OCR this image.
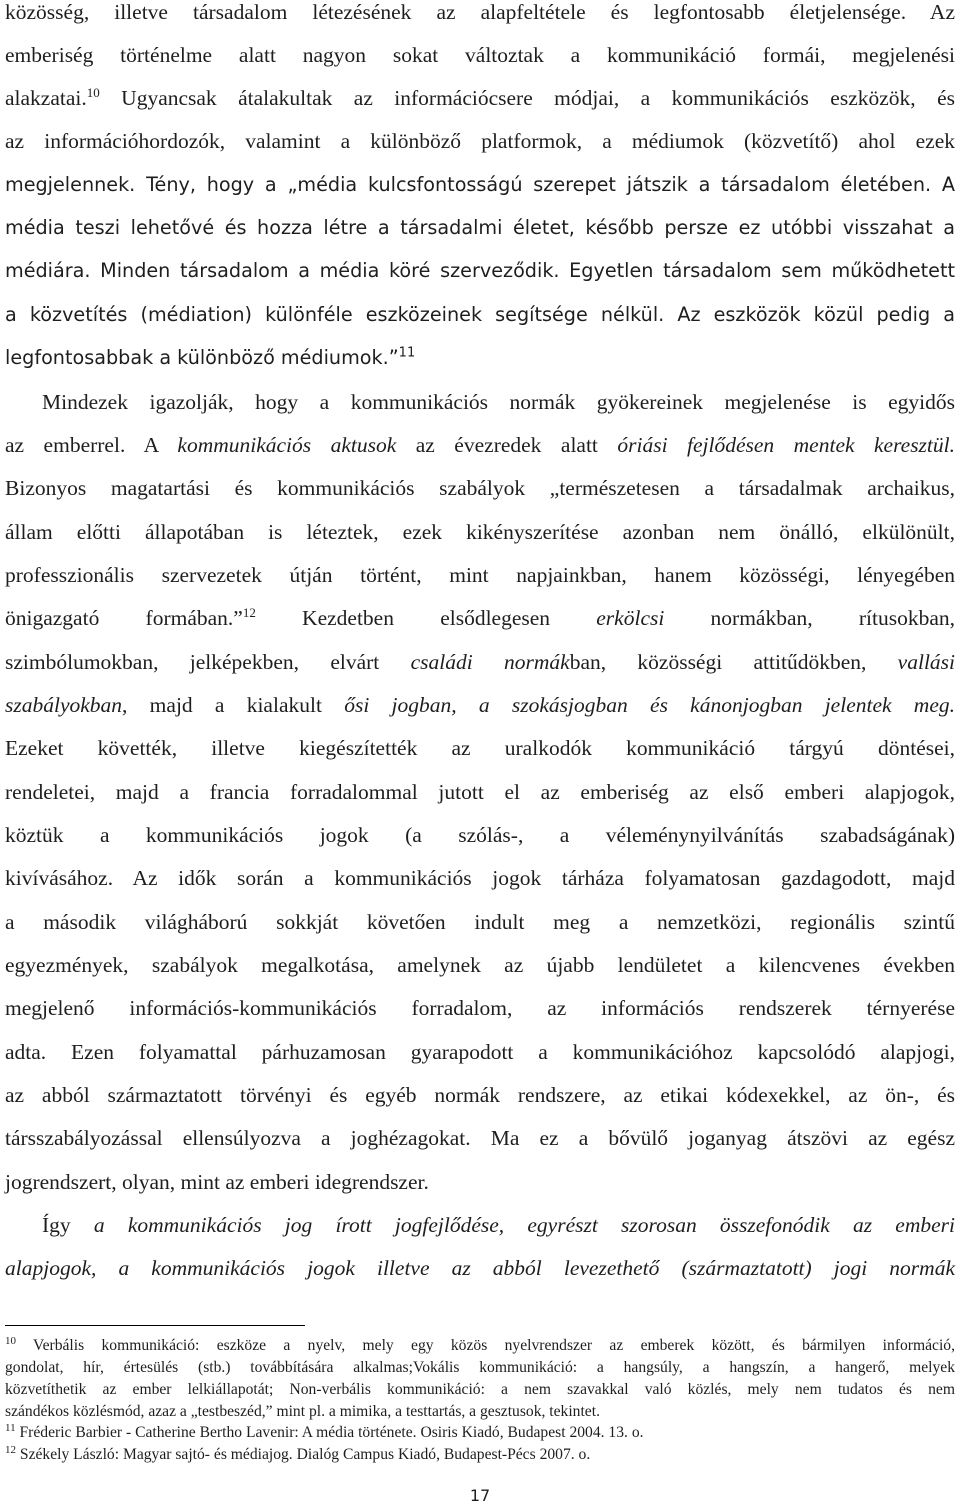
közösség, illetve társadalom létezésének az alapfeltétele és legfontosabb életjelensége. Az
emberiség történelme alatt nagyon sokat változtak a kommunikáció formái, megjelenési
alakzatai.$^{10}$ Ugyancsak átalakultak az információcsere módjai, a kommunikációs eszközök, és
az információhordozók, valamint a különböző platformok, a médiumok (közvetítő) ahol ezek
megjelennek. Tény, hogy a „média kulcsfontosságú szerepet játszik a társadalom életében. A
média teszi lehetővé és hozza létre a társadalmi életet, később persze ez utóbbi visszahat a
médiára. Minden társadalom a média köré szerveződik. Egyetlen társadalom sem működhetett
a közvetítés (médiation) különféle eszközeinek segítsége nélkül. Az eszközök közül pedig a
legfontosabbak a különböző médiumok.”$^{11}$
Mindezek igazolják, hogy a kommunikációs normák gyökereinek megjelenése is egyidős
az emberrel. A kommunikációs aktusok az évezredek alatt óriási fejlődésen mentek keresztül.
Bizonyos magatartási és kommunikációs szabályok „természetesen a társadalmak archaikus,
állam előtti állapotában is léteztek, ezek kikényszerítése azonban nem önálló, elkülönült,
professzionális szervezetek útján történt, mint napjainkban, hanem közösségi, lényegében
önigazgató formában.”$^{12}$ Kezdetben elsődlegesen erkölcsi normákban, rítusokban,
szimbólumokban, jelképekben, elvárt családi normákban, közösségi attitűdökben, vallási
szabályokban, majd a kialakult ősi jogban, a szokásjogban és kánonjogban jelentek meg.
Ezeket követték, illetve kiegészítették az uralkodók kommunikáció tárgyú döntései,
rendeletei, majd a francia forradalommal jutott el az emberiség az első emberi alapjogok,
köztük a kommunikációs jogok (a szólás-, a véleménynyilvánítás szabadságának)
kivívásához. Az idők során a kommunikációs jogok tárháza folyamatosan gazdagodott, majd
a második világháború sokkját követően indult meg a nemzetközi, regionális szintű
egyezmények, szabályok megalkotása, amelynek az újabb lendületet a kilencvenes években
megjelenő információs-kommunikációs forradalom, az információs rendszerek térnyerése
adta. Ezen folyamattal párhuzamosan gyarapodott a kommunikációhoz kapcsolódó alapjogi,
az abból származtatott törvényi és egyéb normák rendszere, az etikai kódexekkel, az ön-, és
társszabályozással ellensúlyozva a joghézagokat. Ma ez a bővülő joganyag átszövi az egész
jogrendszert, olyan, mint az emberi idegrendszer.
Így a kommunikációs jog írott jogfejlődése, egyrészt szorosan összefonódik az emberi
alapjogok, a kommunikációs jogok illetve az abból levezethető (származtatott) jogi normák
$^{10}$ Verbális kommunikáció: eszköze a nyelv, mely egy közös nyelvrendszer az emberek között, és bármilyen információ,
gondolat, hír, értesülés (stb.) továbbítására alkalmas;Vokális kommunikáció: a hangsúly, a hangszín, a hangerő, melyek
közvetíthetik az ember lelkiállapotát; Non-verbális kommunikáció: a nem szavakkal való közlés, mely nem tudatos és nem
szándékos közlésmód, azaz a „testbeszéd,” mint pl. a mimika, a testtartás, a gesztusok, tekintet.
$^{11}$ Fréderic Barbier - Catherine Bertho Lavenir: A média története. Osiris Kiadó, Budapest 2004. 13. o.
$^{12}$ Székely László: Magyar sajtó- és médiajog. Dialóg Campus Kiadó, Budapest-Pécs 2007. o.
17
